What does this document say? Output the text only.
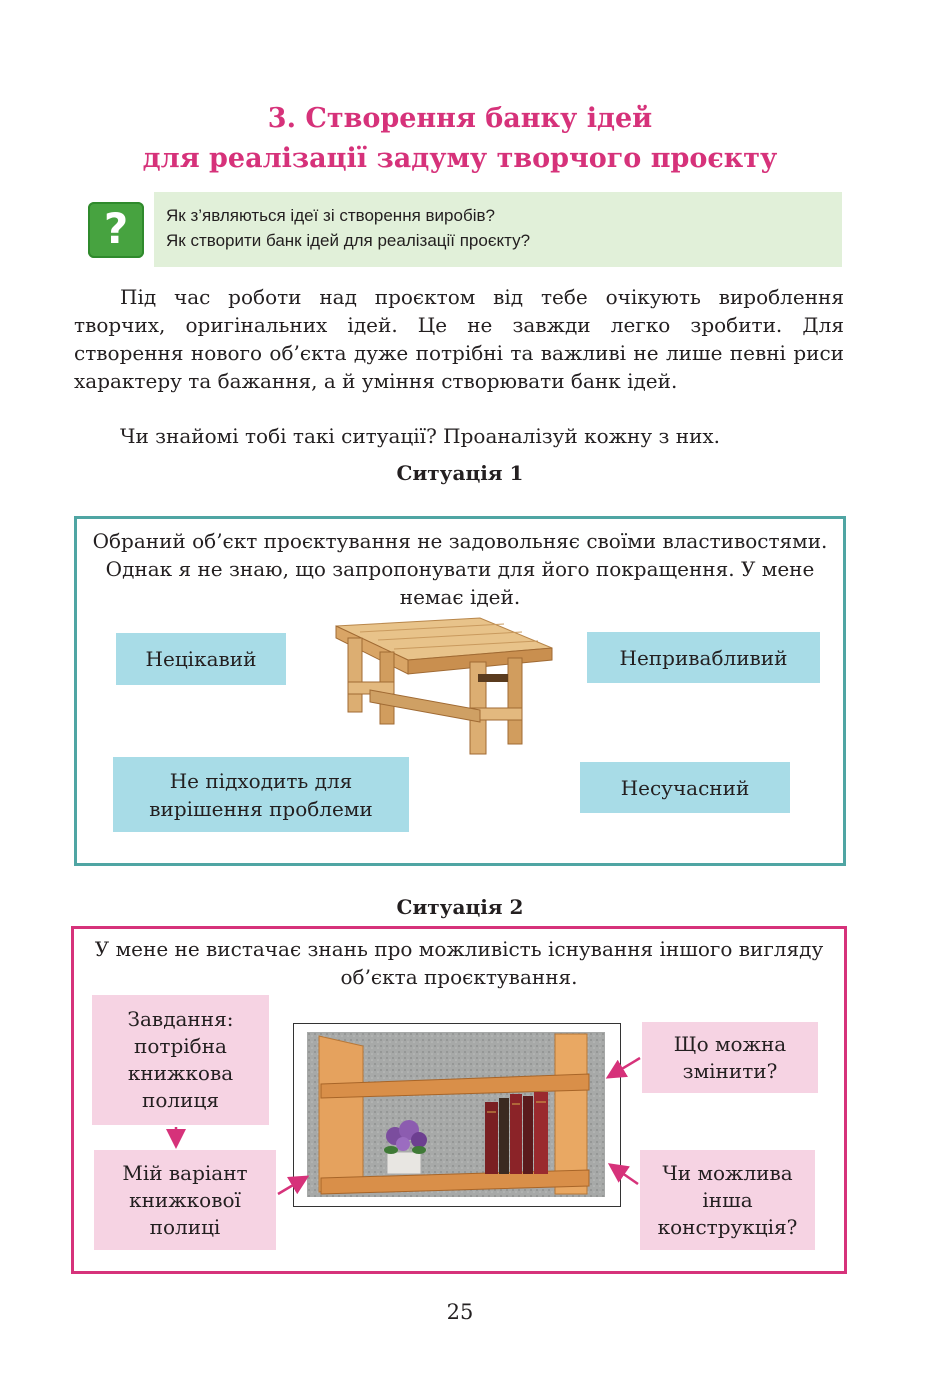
3. Створення банку ідей
для реалізації задуму творчого проєкту
?	Як з’являються ідеї зі створення виробів?
Як створити банк ідей для реалізації проєкту?
Під час роботи над проєктом від тебе очікують вироблення творчих, оригінальних ідей. Це не завжди легко зробити. Для створення нового об’єкта дуже потрібні та важливі не лише певні риси характеру та бажання, а й уміння створювати банк ідей.
Чи знайомі тобі такі ситуації? Проаналізуй кожну з них.
Ситуація 1
Обраний об’єкт проєктування не задовольняє своїми властивостями. Однак я не знаю, що запропонувати для його покращення. У мене немає ідей.
Нецікавий	Непривабливий
Не підходить для вирішення проблеми
Несучасний
Ситуація 2
У мене не вистачає знань про можливість існування іншого вигляду об’єкта проєктування.
Завдання: потрібна книжкова полиця
Мій варіант книжкової полиці
Що можна змінити?
Чи можлива інша конструкція?
25
